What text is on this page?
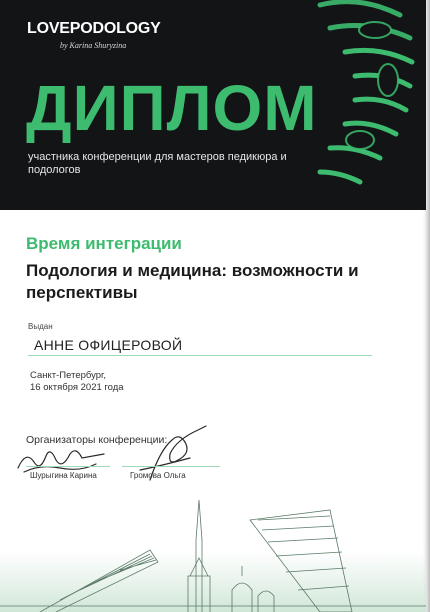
LOVEPODOLOGY
by Karina Shuryzina
ДИПЛОМ
участника конференции для мастеров педикюра и подологов
Время интеграции
Подология и медицина: возможности и перспективы
Выдан
АННЕ ОФИЦЕРОВОЙ
Санкт-Петербург,
16 октября 2021 года
Организаторы конференции:
Шурыгина Карина	Громова Ольга
